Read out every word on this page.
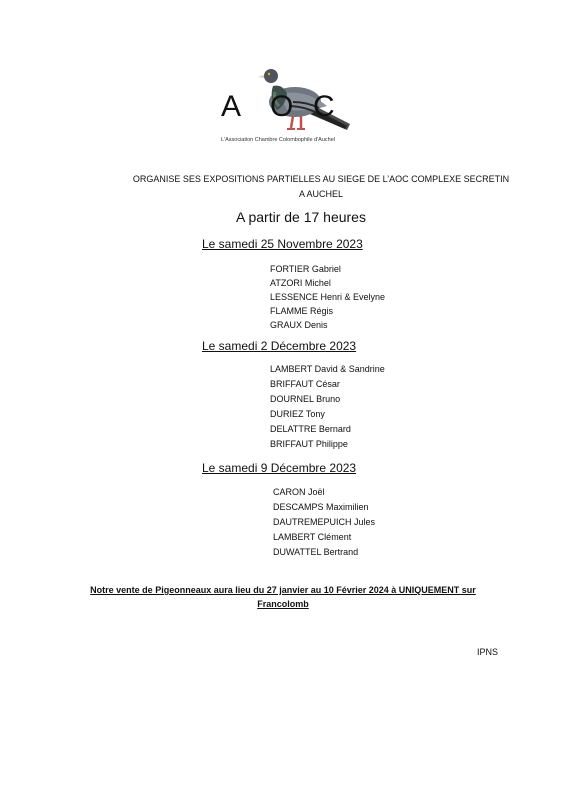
A O C
L'Association Chambre Colombophile d'Auchel
ORGANISE SES EXPOSITIONS PARTIELLES AU SIEGE DE L’AOC COMPLEXE SECRETIN A AUCHEL
A partir de 17 heures
Le samedi 25 Novembre 2023
FORTIER Gabriel
ATZORI Michel
LESSENCE Henri & Evelyne
FLAMME Régis
GRAUX Denis
Le samedi 2 Décembre 2023
LAMBERT David & Sandrine
BRIFFAUT César
DOURNEL Bruno
DURIEZ Tony
DELATTRE Bernard
BRIFFAUT Philippe
Le samedi 9 Décembre 2023
CARON Joël
DESCAMPS Maximilien
DAUTREMEPUICH Jules
LAMBERT Clément
DUWATTEL Bertrand
Notre vente de Pigeonneaux aura lieu du 27 janvier au 10 Février 2024 à UNIQUEMENT sur Francolomb
IPNS
